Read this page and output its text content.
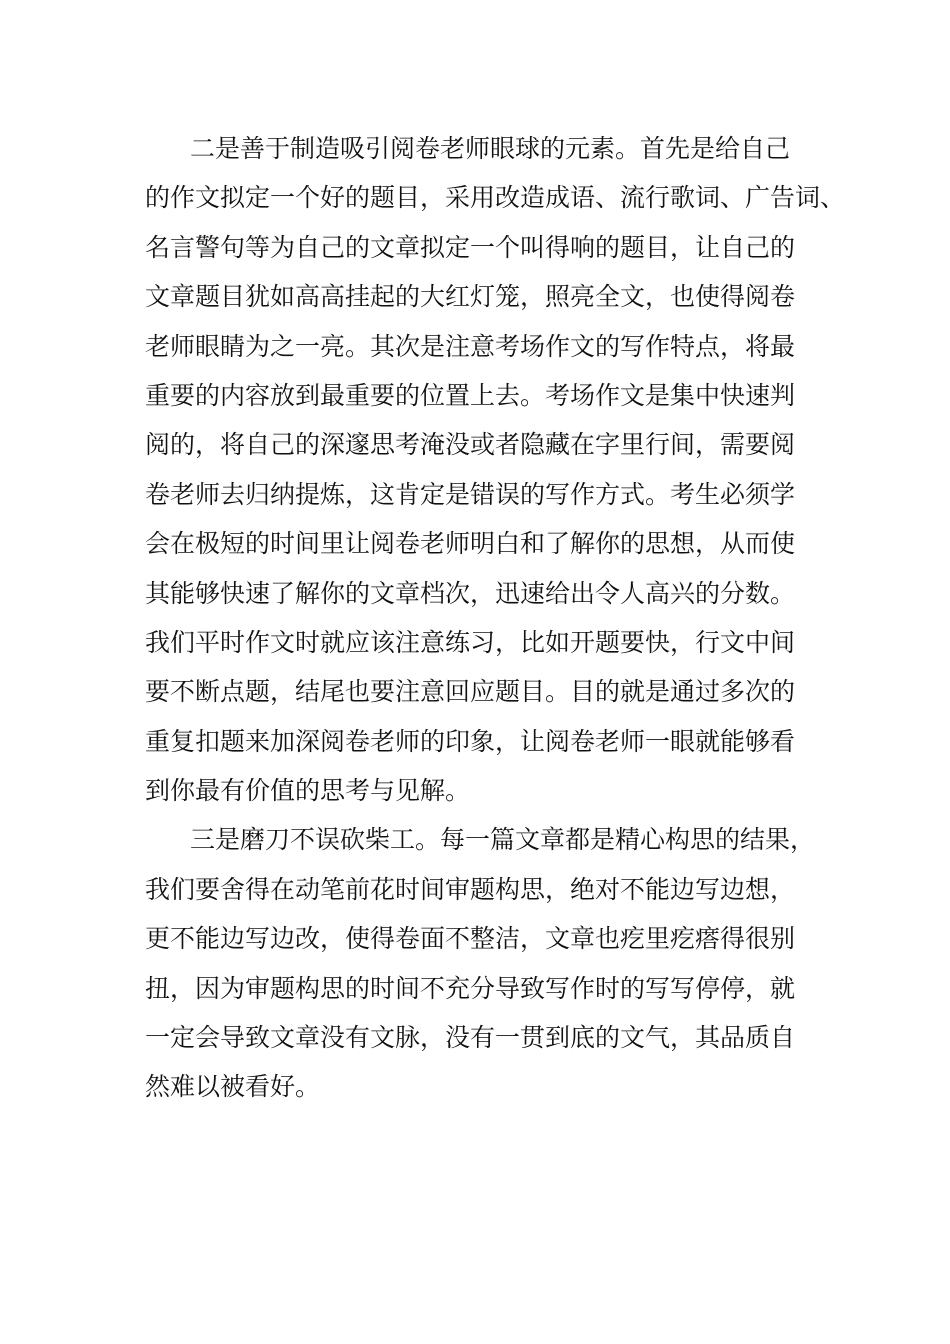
二是善于制造吸引阅卷老师眼球的元素。首先是给自己
的作文拟定一个好的题目，采用改造成语、流行歌词、广告词、
名言警句等为自己的文章拟定一个叫得响的题目，让自己的
文章题目犹如高高挂起的大红灯笼，照亮全文，也使得阅卷
老师眼睛为之一亮。其次是注意考场作文的写作特点，将最
重要的内容放到最重要的位置上去。考场作文是集中快速判
阅的，将自己的深邃思考淹没或者隐藏在字里行间，需要阅
卷老师去归纳提炼，这肯定是错误的写作方式。考生必须学
会在极短的时间里让阅卷老师明白和了解你的思想，从而使
其能够快速了解你的文章档次，迅速给出令人高兴的分数。
我们平时作文时就应该注意练习，比如开题要快，行文中间
要不断点题，结尾也要注意回应题目。目的就是通过多次的
重复扣题来加深阅卷老师的印象，让阅卷老师一眼就能够看
到你最有价值的思考与见解。
三是磨刀不误砍柴工。每一篇文章都是精心构思的结果，
我们要舍得在动笔前花时间审题构思，绝对不能边写边想，
更不能边写边改，使得卷面不整洁，文章也疙里疙瘩得很别
扭，因为审题构思的时间不充分导致写作时的写写停停，就
一定会导致文章没有文脉，没有一贯到底的文气，其品质自
然难以被看好。
